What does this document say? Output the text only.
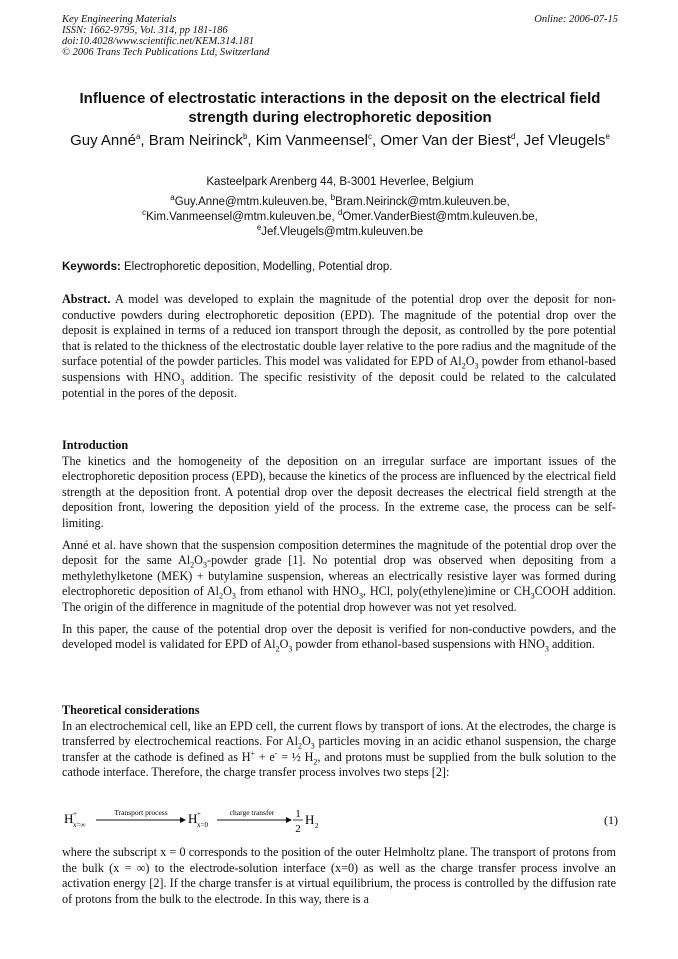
Key Engineering Materials
ISSN: 1662-9795, Vol. 314, pp 181-186
doi:10.4028/www.scientific.net/KEM.314.181
© 2006 Trans Tech Publications Ltd, Switzerland
Online: 2006-07-15
Influence of electrostatic interactions in the deposit on the electrical field strength during electrophoretic deposition
Guy Anné$^a$, Bram Neirinck$^b$, Kim Vanmeensel$^c$, Omer Van der Biest$^d$, Jef Vleugels$^e$
Kasteelpark Arenberg 44, B-3001 Heverlee, Belgium
$^a$Guy.Anne@mtm.kuleuven.be, $^b$Bram.Neirinck@mtm.kuleuven.be,
$^c$Kim.Vanmeensel@mtm.kuleuven.be, $^d$Omer.VanderBiest@mtm.kuleuven.be,
$^e$Jef.Vleugels@mtm.kuleuven.be
Keywords: Electrophoretic deposition, Modelling, Potential drop.

Abstract. A model was developed to explain the magnitude of the potential drop over the deposit for non-conductive powders during electrophoretic deposition (EPD). The magnitude of the potential drop over the deposit is explained in terms of a reduced ion transport through the deposit, as controlled by the pore potential that is related to the thickness of the electrostatic double layer relative to the pore radius and the magnitude of the surface potential of the powder particles. This model was validated for EPD of $Al_2O_3$ powder from ethanol-based suspensions with $HNO_3$ addition. The specific resistivity of the deposit could be related to the calculated potential in the pores of the deposit.

Introduction

The kinetics and the homogeneity of the deposition on an irregular surface are important issues of the electrophoretic deposition process (EPD), because the kinetics of the process are influenced by the electrical field strength at the deposition front. A potential drop over the deposit decreases the electrical field strength at the deposition front, lowering the deposition yield of the process. In the extreme case, the process can be self-limiting.

Anné et al. have shown that the suspension composition determines the magnitude of the potential drop over the deposit for the same $Al_2O_3$-powder grade [1]. No potential drop was observed when depositing from a methylethylketone (MEK) + butylamine suspension, whereas an electrically resistive layer was formed during electrophoretic deposition of $Al_2O_3$ from ethanol with $HNO_3$, HCl, poly(ethylene)imine or $CH_3COOH$ addition. The origin of the difference in magnitude of the potential drop however was not yet resolved.

In this paper, the cause of the potential drop over the deposit is verified for non-conductive powders, and the developed model is validated for EPD of $Al_2O_3$ powder from ethanol-based suspensions with $HNO_3$ addition.

Theoretical considerations

In an electrochemical cell, like an EPD cell, the current flows by transport of ions. At the electrodes, the charge is transferred by electrochemical reactions. For $Al_2O_3$ particles moving in an acidic ethanol suspension, the charge transfer at the cathode is defined as H+ + e- = ½ $H_2$, and protons must be supplied from the bulk solution to the cathode interface. Therefore, the charge transfer process involves two steps [2]:

H +
x=∞
Transport process H +
x=0
charge transfer 1
2
H 2	(1)
where the subscript x = 0 corresponds to the position of the outer Helmholtz plane. The transport of protons from the bulk (x = ∞) to the electrode-solution interface (x=0) as well as the charge transfer process involve an activation energy [2]. If the charge transfer is at virtual equilibrium, the process is controlled by the diffusion rate of protons from the bulk to the electrode. In this way, there is a
